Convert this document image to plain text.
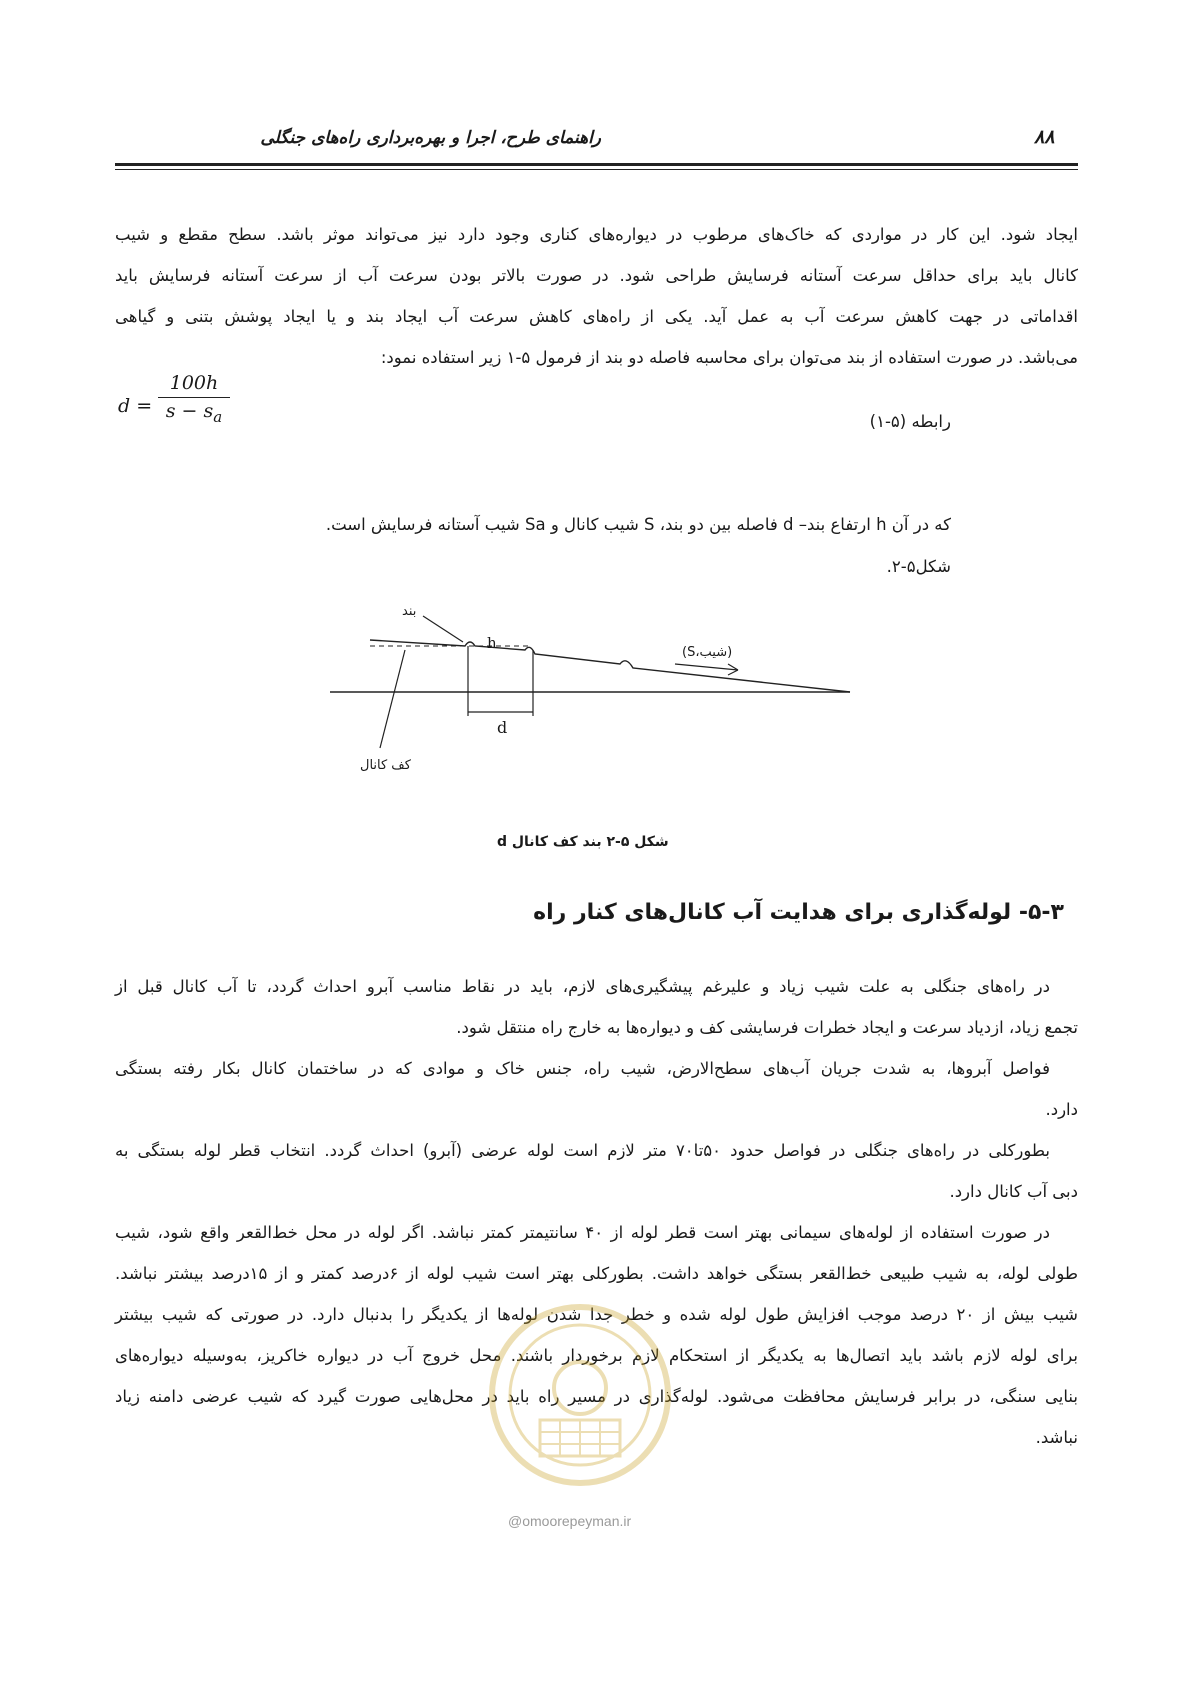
راهنمای طرح، اجرا و بهره‌برداری راه‌های جنگلی	۸۸
ایجاد شود. این کار در مواردی که خاک‌های مرطوب در دیواره‌های کناری وجود دارد نیز می‌تواند موثر باشد. سطح مقطع و شیب
کانال باید برای حداقل سرعت آستانه فرسایش طراحی شود. در صورت بالاتر بودن سرعت آب از سرعت آستانه فرسایش باید
اقداماتی در جهت کاهش سرعت آب به عمل آید. یکی از راه‌های کاهش سرعت آب ایجاد بند و یا ایجاد پوشش بتنی و گیاهی
می‌باشد. در صورت استفاده از بند می‌توان برای محاسبه فاصله دو بند از فرمول ۵-۱ زیر استفاده نمود:
d =
100h
$s - s_a$	رابطه (۵-۱)
که در آن h ارتفاع بند– d فاصله بین دو بند، S شیب کانال و Sa شیب آستانه فرسایش است.
شکل۵-۲.
بند
h
(شیب،S)
d
کف کانال
شکل ۵-۲ بند کف کانال d
۵-۳- لوله‌گذاری برای هدایت آب کانال‌های کنار راه
در راه‌های جنگلی به علت شیب زیاد و علیرغم پیشگیری‌های لازم، باید در نقاط مناسب آبرو احداث گردد، تا آب کانال قبل از
تجمع زیاد، ازدیاد سرعت و ایجاد خطرات فرسایشی کف و دیواره‌ها به خارج راه منتقل شود.
فواصل آبروها، به شدت جریان آب‌های سطح‌الارض، شیب راه، جنس خاک و موادی که در ساختمان کانال بکار رفته بستگی
دارد.
بطورکلی در راه‌های جنگلی در فواصل حدود ۵۰تا۷۰ متر لازم است لوله عرضی (آبرو) احداث گردد. انتخاب قطر لوله بستگی به
دبی آب کانال دارد.
در صورت استفاده از لوله‌های سیمانی بهتر است قطر لوله از ۴۰ سانتیمتر کمتر نباشد. اگر لوله در محل خط‌القعر واقع شود، شیب
طولی لوله، به شیب طبیعی خط‌القعر بستگی خواهد داشت. بطورکلی بهتر است شیب لوله از ۶درصد کمتر و از ۱۵درصد بیشتر نباشد.
شیب بیش از ۲۰ درصد موجب افزایش طول لوله شده و خطر جدا شدن لوله‌ها از یکدیگر را بدنبال دارد. در صورتی که شیب بیشتر
برای لوله لازم باشد باید اتصال‌ها به یکدیگر از استحکام لازم برخوردار باشند. محل خروج آب در دیواره خاکریز، به‌وسیله دیواره‌های
بنایی سنگی، در برابر فرسایش محافظت می‌شود. لوله‌گذاری در مسیر راه باید در محل‌هایی صورت گیرد که شیب عرضی دامنه زیاد
نباشد.
@omoorepeyman.ir
